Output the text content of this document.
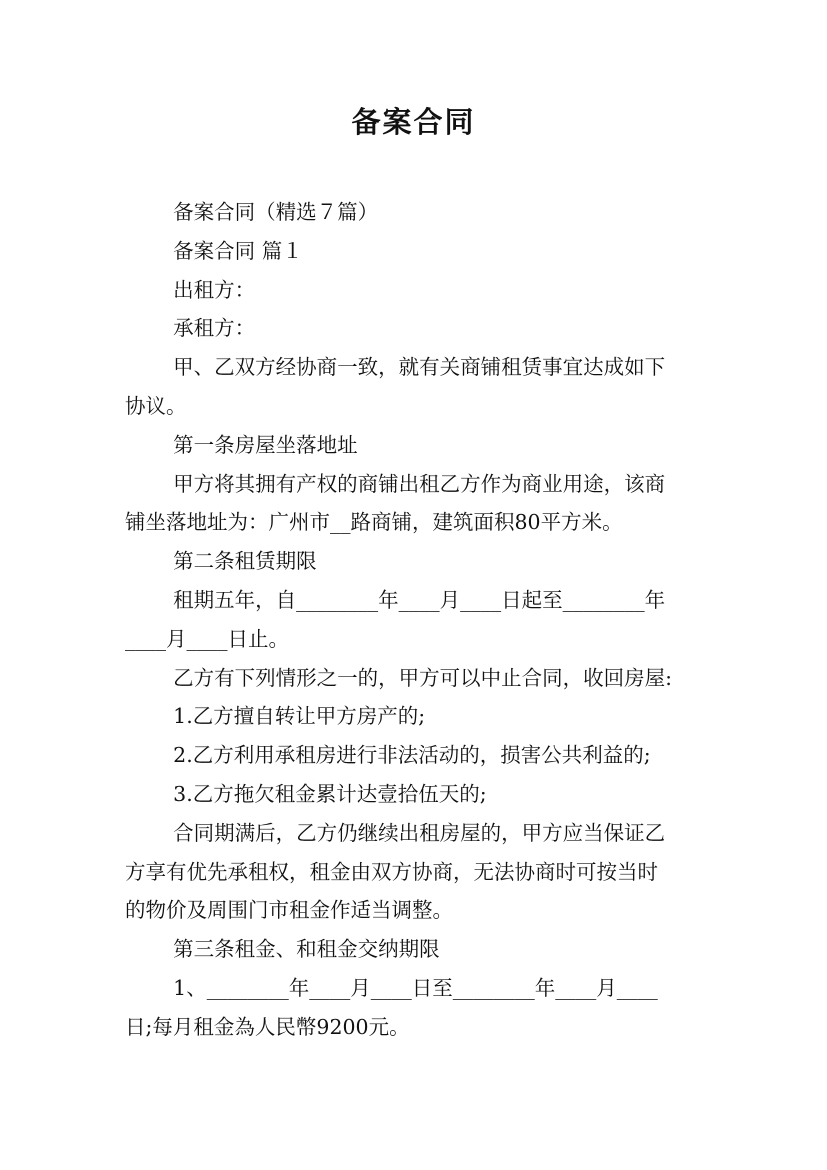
备案合同
备案合同（精选７篇）
备案合同 篇１
出租方：
承租方：
甲、乙双方经协商一致，就有关商铺租赁事宜达成如下
协议。
第一条房屋坐落地址
甲方将其拥有产权的商铺出租乙方作为商业用途，该商
铺坐落地址为：广州市__路商铺，建筑面积80平方米。
第二条租赁期限
租期五年，自________年____月____日起至________年
____月____日止。
乙方有下列情形之一的，甲方可以中止合同，收回房屋:
1.乙方擅自转让甲方房产的;
2.乙方利用承租房进行非法活动的，损害公共利益的;
3.乙方拖欠租金累计达壹拾伍天的;
合同期满后，乙方仍继续出租房屋的，甲方应当保证乙
方享有优先承租权，租金由双方协商，无法协商时可按当时
的物价及周围门市租金作适当调整。
第三条租金、和租金交纳期限
1、________年____月____日至________年____月____
日;每月租金為人民幣9200元。
